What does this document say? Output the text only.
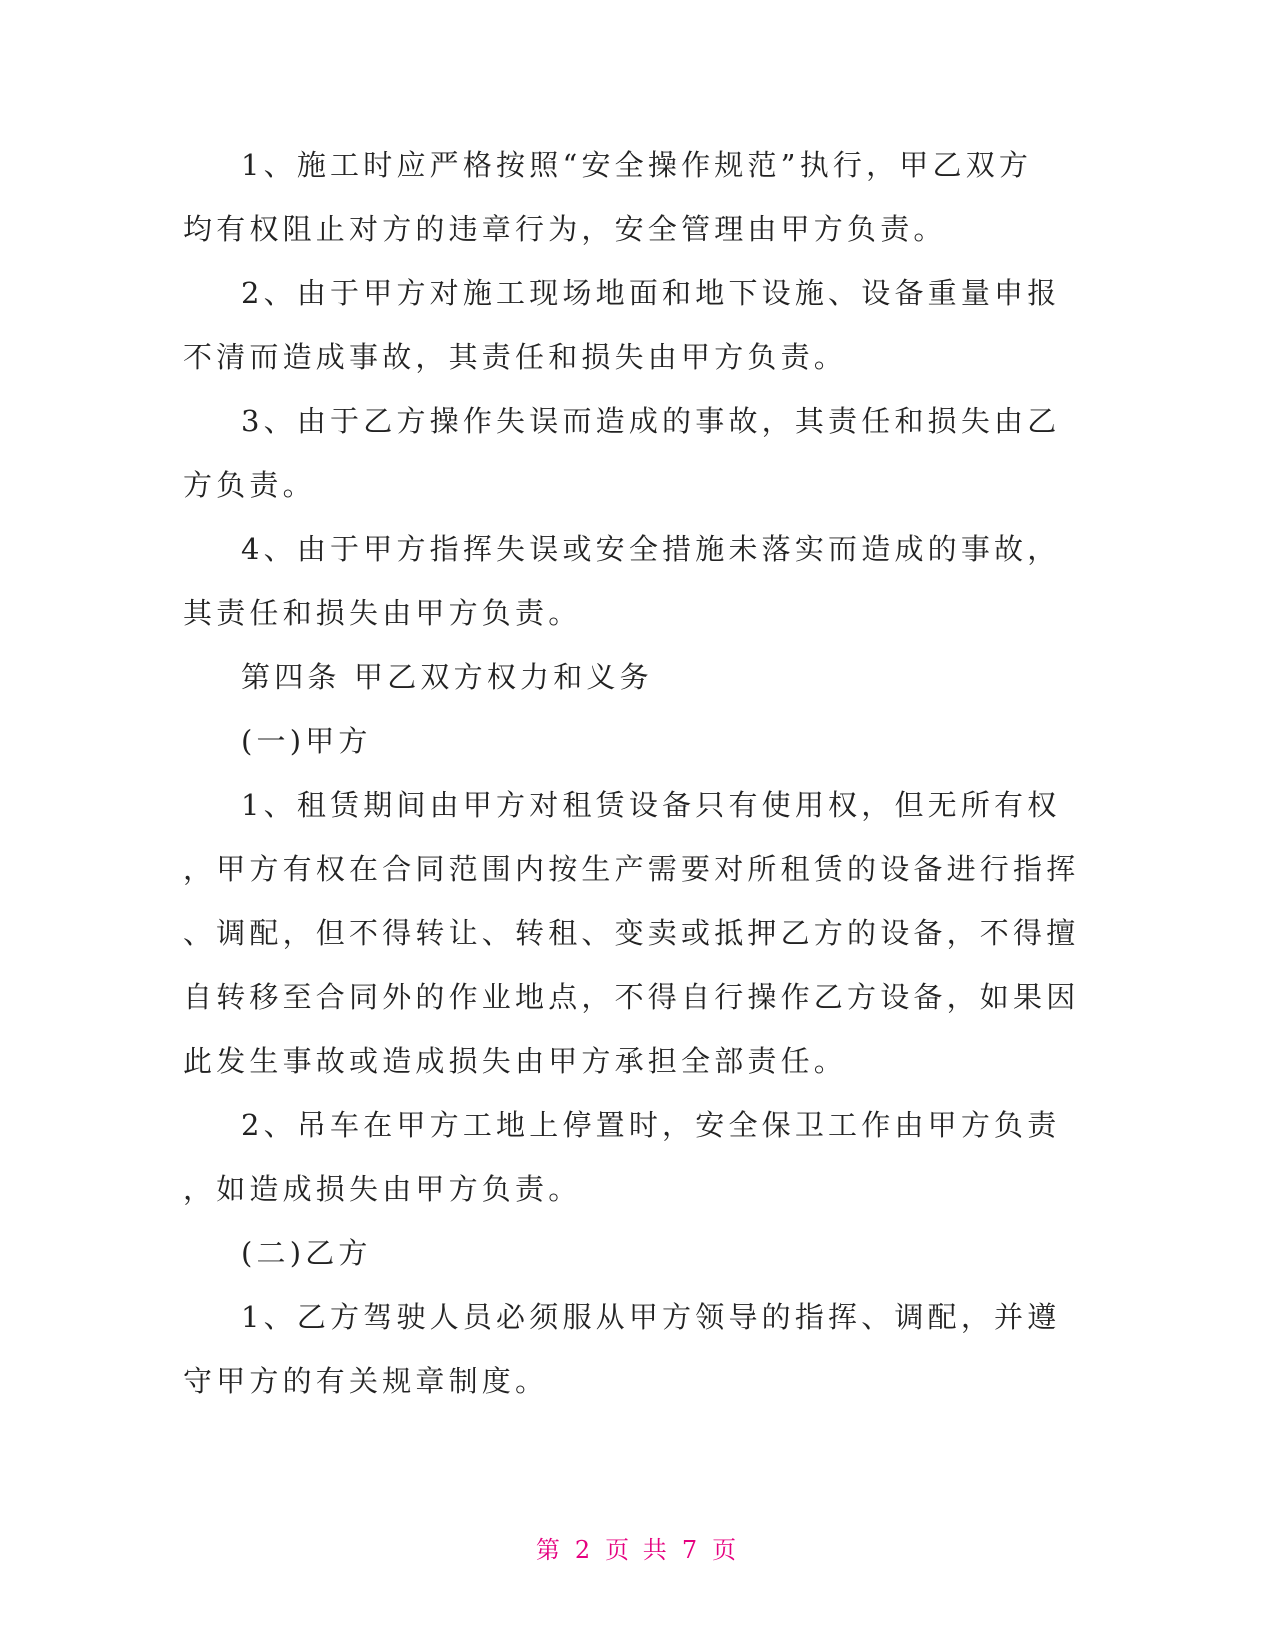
1、施工时应严格按照“安全操作规范”执行，甲乙双方
均有权阻止对方的违章行为，安全管理由甲方负责。
2、由于甲方对施工现场地面和地下设施、设备重量申报
不清而造成事故，其责任和损失由甲方负责。
3、由于乙方操作失误而造成的事故，其责任和损失由乙
方负责。
4、由于甲方指挥失误或安全措施未落实而造成的事故，
其责任和损失由甲方负责。
第四条 甲乙双方权力和义务
(一)甲方
1、租赁期间由甲方对租赁设备只有使用权，但无所有权
，甲方有权在合同范围内按生产需要对所租赁的设备进行指挥
、调配，但不得转让、转租、变卖或抵押乙方的设备，不得擅
自转移至合同外的作业地点，不得自行操作乙方设备，如果因
此发生事故或造成损失由甲方承担全部责任。
2、吊车在甲方工地上停置时，安全保卫工作由甲方负责
，如造成损失由甲方负责。
(二)乙方
1、乙方驾驶人员必须服从甲方领导的指挥、调配，并遵
守甲方的有关规章制度。
第 2 页 共 7 页
